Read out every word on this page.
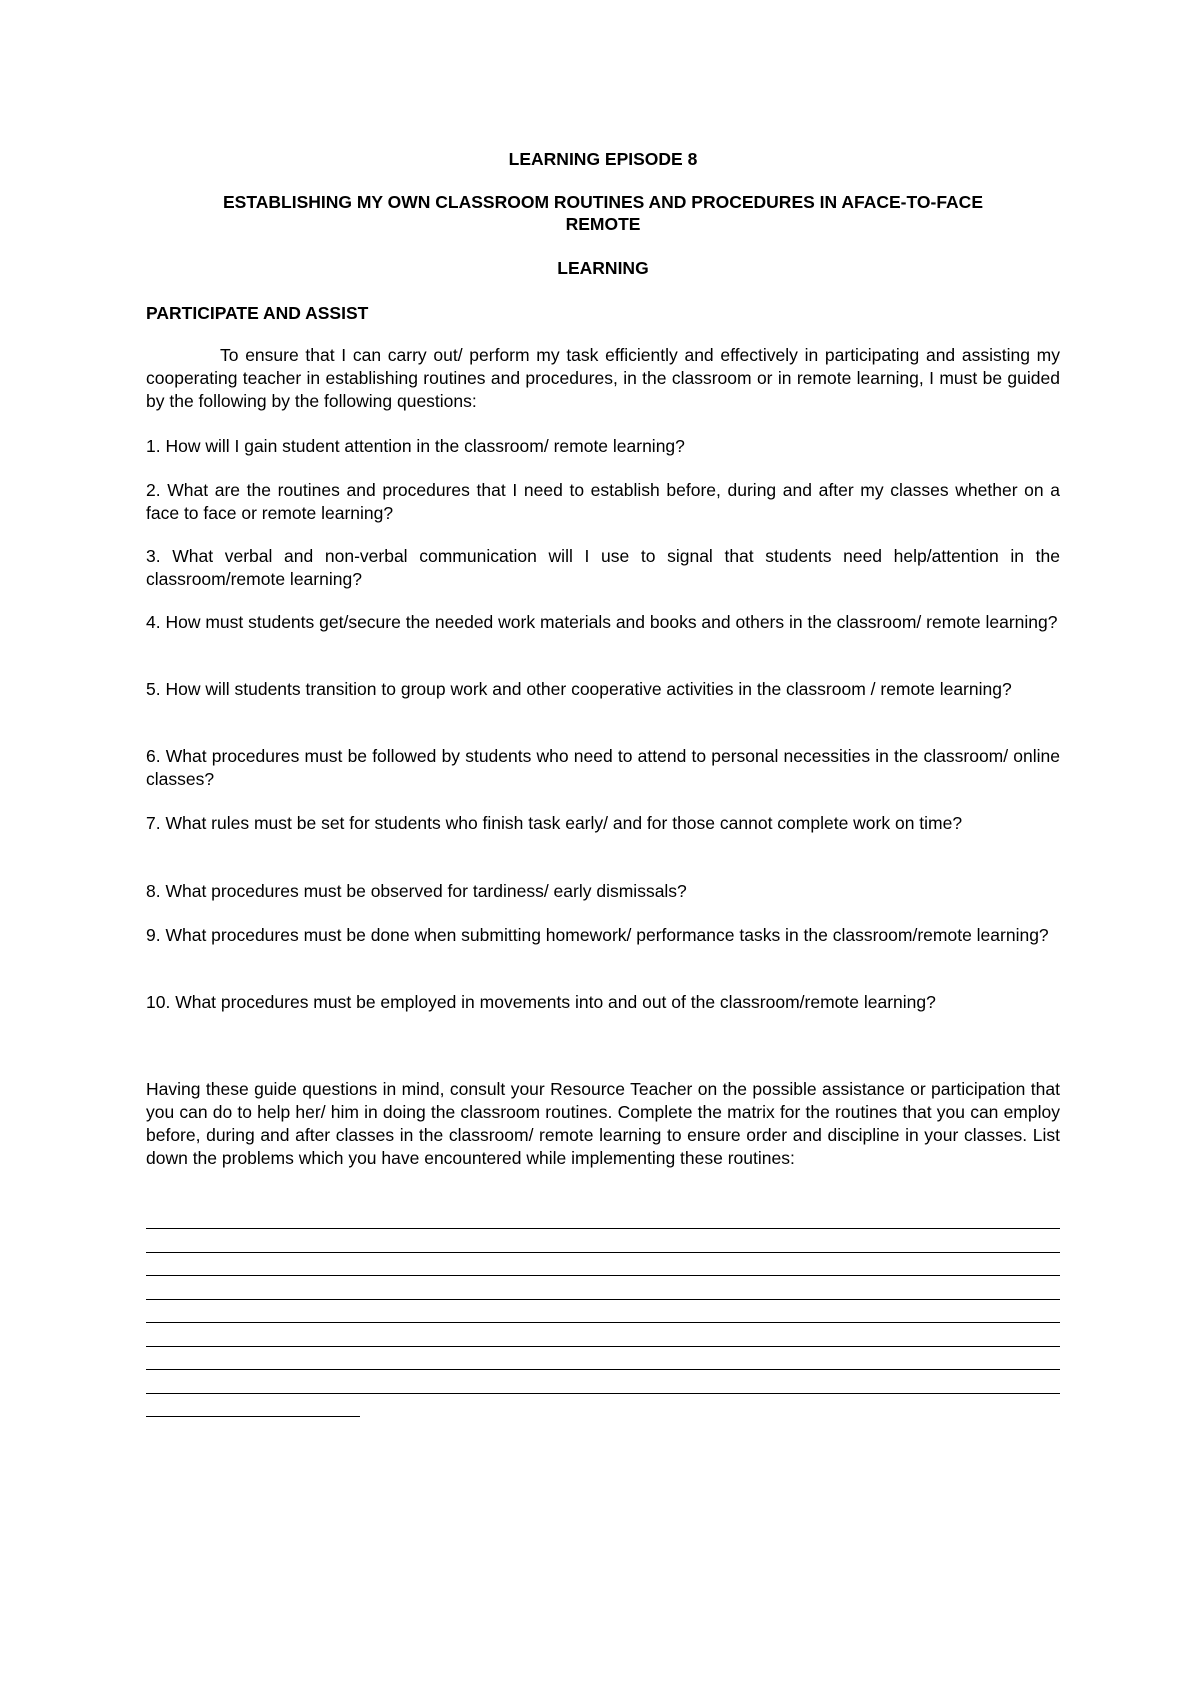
LEARNING EPISODE 8

ESTABLISHING MY OWN CLASSROOM ROUTINES AND PROCEDURES IN AFACE-TO-FACE

REMOTE

LEARNING

PARTICIPATE AND ASSIST

To ensure that I can carry out/ perform my task efficiently and effectively in participating and assisting my cooperating teacher in establishing routines and procedures, in the classroom or in remote learning, I must be guided by the following by the following questions:

1. How will I gain student attention in the classroom/ remote learning?

2. What are the routines and procedures that I need to establish before, during and after my classes whether on a face to face or remote learning?

3. What verbal and non-verbal communication will I use to signal that students need help/attention in the classroom/remote learning?

4. How must students get/secure the needed work materials and books and others in the classroom/ remote learning?

5. How will students transition to group work and other cooperative activities in the classroom / remote learning?

6. What procedures must be followed by students who need to attend to personal necessities in the classroom/ online classes?

7. What rules must be set for students who finish task early/ and for those cannot complete work on time?

8. What procedures must be observed for tardiness/ early dismissals?

9. What procedures must be done when submitting homework/ performance tasks in the classroom/remote learning?

10. What procedures must be employed in movements into and out of the classroom/remote learning?

Having these guide questions in mind, consult your Resource Teacher on the possible assistance or participation that you can do to help her/ him in doing the classroom routines. Complete the matrix for the routines that you can employ before, during and after classes in the classroom/ remote learning to ensure order and discipline in your classes. List down the problems which you have encountered while implementing these routines:
